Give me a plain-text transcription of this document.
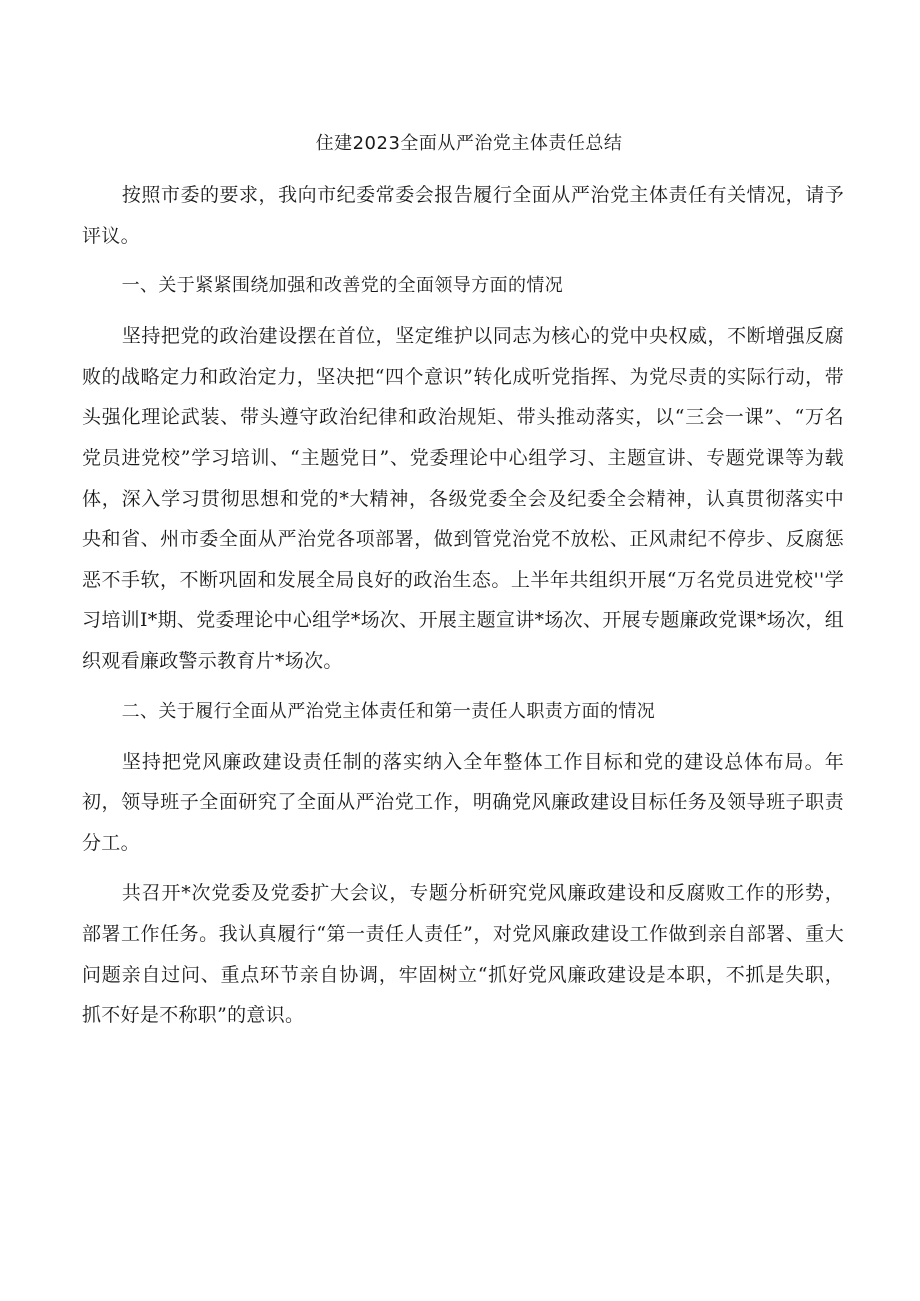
住建2023全面从严治党主体责任总结

按照市委的要求，我向市纪委常委会报告履行全面从严治党主体责任有关情况，请予评议。

一、关于紧紧围绕加强和改善党的全面领导方面的情况

坚持把党的政治建设摆在首位，坚定维护以同志为核心的党中央权威，不断增强反腐败的战略定力和政治定力，坚决把“四个意识”转化成听党指挥、为党尽责的实际行动，带头强化理论武装、带头遵守政治纪律和政治规矩、带头推动落实，以“三会一课”、“万名党员进党校”学习培训、“主题党日”、党委理论中心组学习、主题宣讲、专题党课等为载体，深入学习贯彻思想和党的*大精神，各级党委全会及纪委全会精神，认真贯彻落实中央和省、州市委全面从严治党各项部署，做到管党治党不放松、正风肃纪不停步、反腐惩恶不手软，不断巩固和发展全局良好的政治生态。上半年共组织开展“万名党员进党校''学习培训I*期、党委理论中心组学*场次、开展主题宣讲*场次、开展专题廉政党课*场次，组织观看廉政警示教育片*场次。

二、关于履行全面从严治党主体责任和第一责任人职责方面的情况

坚持把党风廉政建设责任制的落实纳入全年整体工作目标和党的建设总体布局。年初，领导班子全面研究了全面从严治党工作，明确党风廉政建设目标任务及领导班子职责分工。

共召开*次党委及党委扩大会议，专题分析研究党风廉政建设和反腐败工作的形势，部署工作任务。我认真履行“第一责任人责任”，对党风廉政建设工作做到亲自部署、重大问题亲自过问、重点环节亲自协调，牢固树立“抓好党风廉政建设是本职，不抓是失职，抓不好是不称职”的意识。
